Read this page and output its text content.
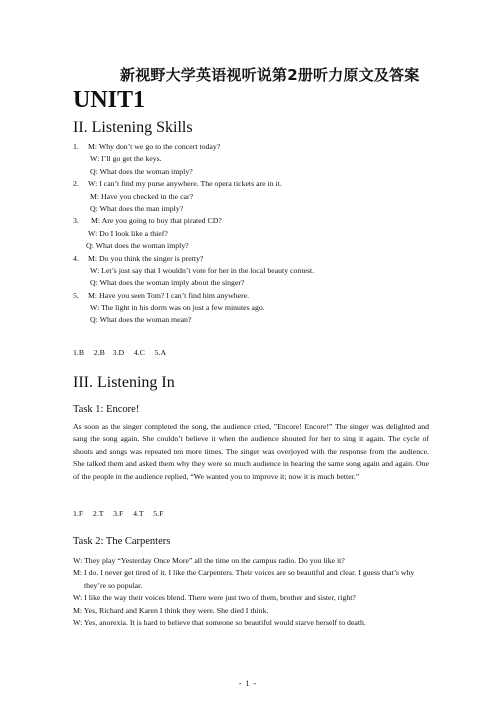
新视野大学英语视听说第2册听力原文及答案
UNIT1
II. Listening Skills
1.	M: Why don’t we go to the concert today?
W: I’ll go get the keys.
Q: What does the woman imply?
2.	W: I can’t find my purse anywhere. The opera tickets are in it.
M: Have you checked in the car?
Q: What does the man imply?
3.	M: Are you going to buy that pirated CD?
W: Do I look like a thief?
Q: What does the woman imply?
4.	M: Do you think the singer is pretty?
W: Let’s just say that I wouldn’t vote for her in the local beauty contest.
Q: What does the woman imply about the singer?
5.	M: Have you seen Tom? I can’t find him anywhere.
W: The light in his dorm was on just a few minutes ago.
Q: What does the woman mean?
1.B     2.B    3.D     4.C     5.A
III. Listening In
Task 1: Encore!
As soon as the singer completed the song, the audience cried, ”Encore! Encore!” The singer was delighted and sang the song again. She couldn’t believe it when the audience shouted for her to sing it again. The cycle of shouts and songs was repeated ten more times. The singer was overjoyed with the response from the audience. She talked them and asked them why they were so much audience in hearing the same song again and again. One of the people in the audience replied, “We wanted you to improve it; now it is much better.”
1.F     2.T     3.F     4.T     5.F
Task 2: The Carpenters
W: They play “Yesterday Once More” all the time on the campus radio. Do you like it?
M: I do. I never get tired of it. I like the Carpenters. Their voices are so beautiful and clear. I guess that’s why they’re so popular.
W: I like the way their voices blend. There were just two of them, brother and sister, right?
M: Yes, Richard and Karen I think they were. She died I think.
W: Yes, anorexia. It is hard to believe that someone so beautiful would starve herself to death.
- 1 -
